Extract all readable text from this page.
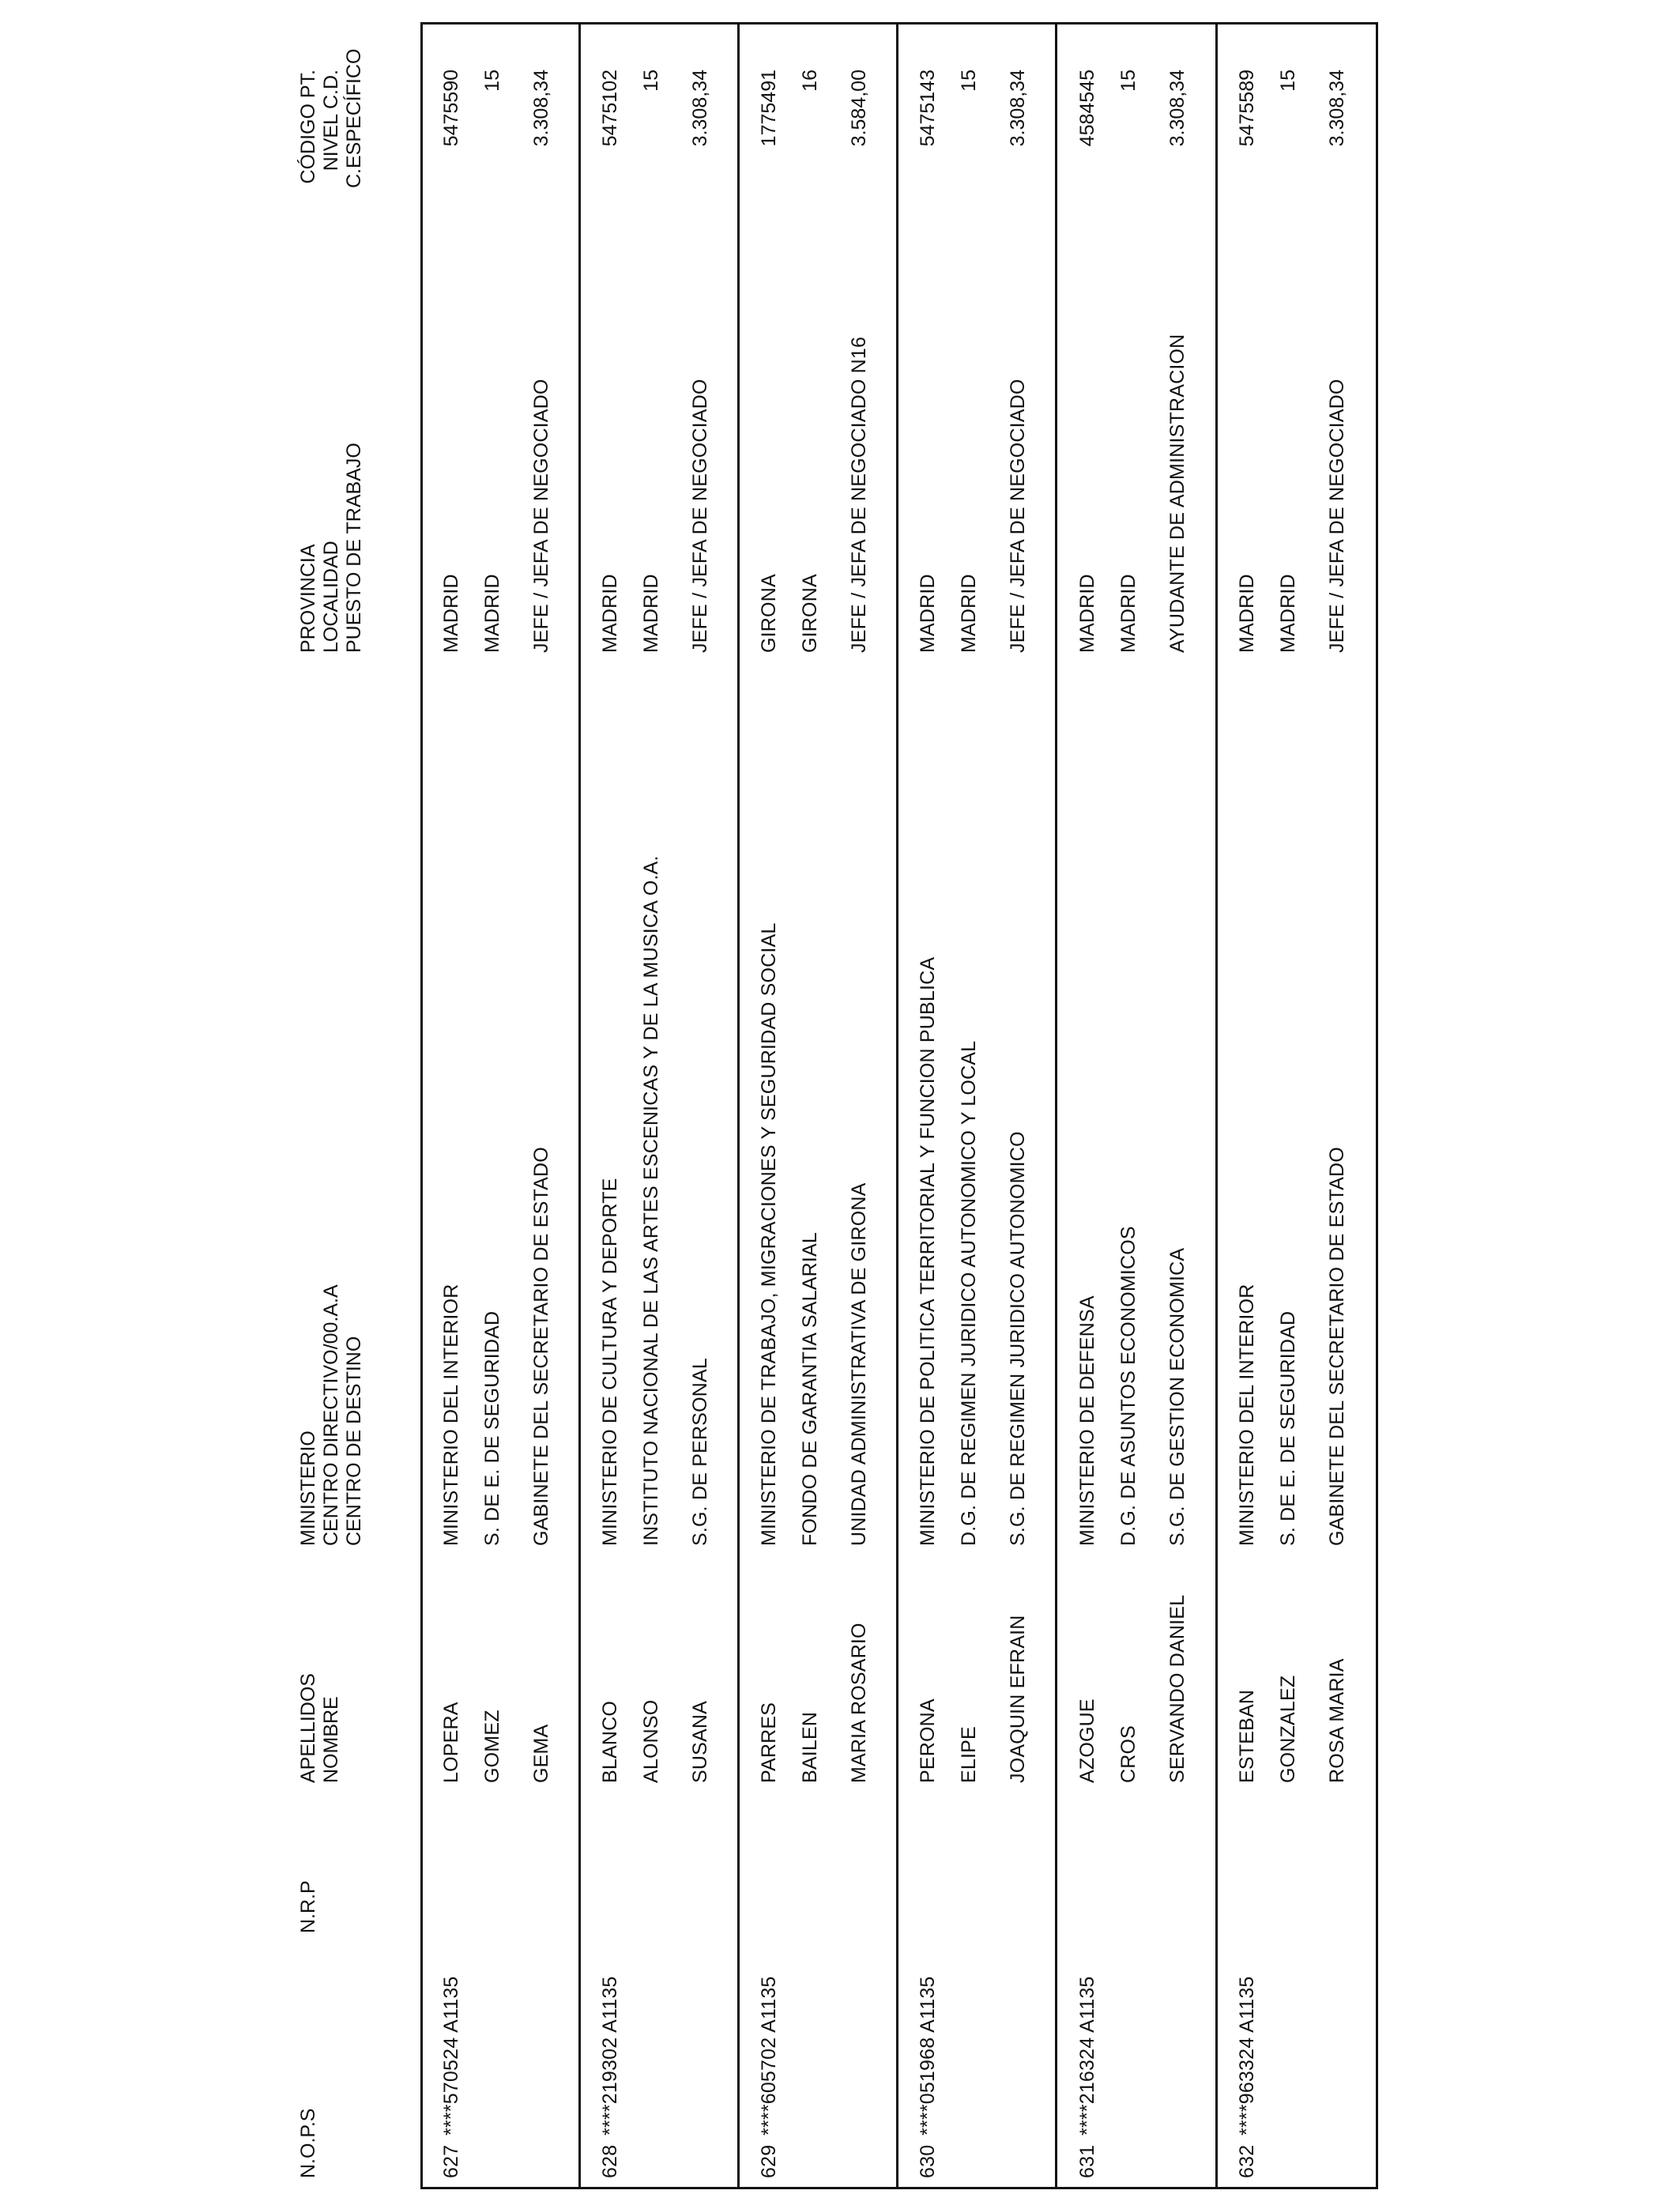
N.O.P.S
N.R.P
APELLIDOS
NOMBRE
MINISTERIO
CENTRO DIRECTIVO/00.A.A
CENTRO DE DESTINO
PROVINCIA
LOCALIDAD
PUESTO DE TRABAJO
CÓDIGO PT.
NIVEL C.D.
C.ESPECÍFICO
627
****570524 A1135
LOPERA GOMEZ GEMA
MINISTERIO DEL INTERIOR S. DE E. DE SEGURIDAD GABINETE DEL SECRETARIO DE ESTADO
MADRID MADRID JEFE / JEFA DE NEGOCIADO
5475590 15 3.308,34
628
****219302 A1135
BLANCO ALONSO SUSANA
MINISTERIO DE CULTURA Y DEPORTE INSTITUTO NACIONAL DE LAS ARTES ESCENICAS Y DE LA MUSICA O.A. S.G. DE PERSONAL
MADRID MADRID JEFE / JEFA DE NEGOCIADO
5475102 15 3.308,34
629
****605702 A1135
PARRES BAILEN MARIA ROSARIO
MINISTERIO DE TRABAJO, MIGRACIONES Y SEGURIDAD SOCIAL FONDO DE GARANTIA SALARIAL UNIDAD ADMINISTRATIVA DE GIRONA
GIRONA GIRONA JEFE / JEFA DE NEGOCIADO N16
1775491 16 3.584,00
630
****051968 A1135
PERONA ELIPE JOAQUIN EFRAIN
MINISTERIO DE POLITICA TERRITORIAL Y FUNCION PUBLICA D.G. DE REGIMEN JURIDICO AUTONOMICO Y LOCAL S.G. DE REGIMEN JURIDICO AUTONOMICO
MADRID MADRID JEFE / JEFA DE NEGOCIADO
5475143 15 3.308,34
631
****216324 A1135
AZOGUE CROS SERVANDO DANIEL
MINISTERIO DE DEFENSA D.G. DE ASUNTOS ECONOMICOS S.G. DE GESTION ECONOMICA
MADRID MADRID AYUDANTE DE ADMINISTRACION
4584545 15 3.308,34
632
****963324 A1135
ESTEBAN GONZALEZ ROSA MARIA
MINISTERIO DEL INTERIOR S. DE E. DE SEGURIDAD GABINETE DEL SECRETARIO DE ESTADO
MADRID MADRID JEFE / JEFA DE NEGOCIADO
5475589 15 3.308,34
